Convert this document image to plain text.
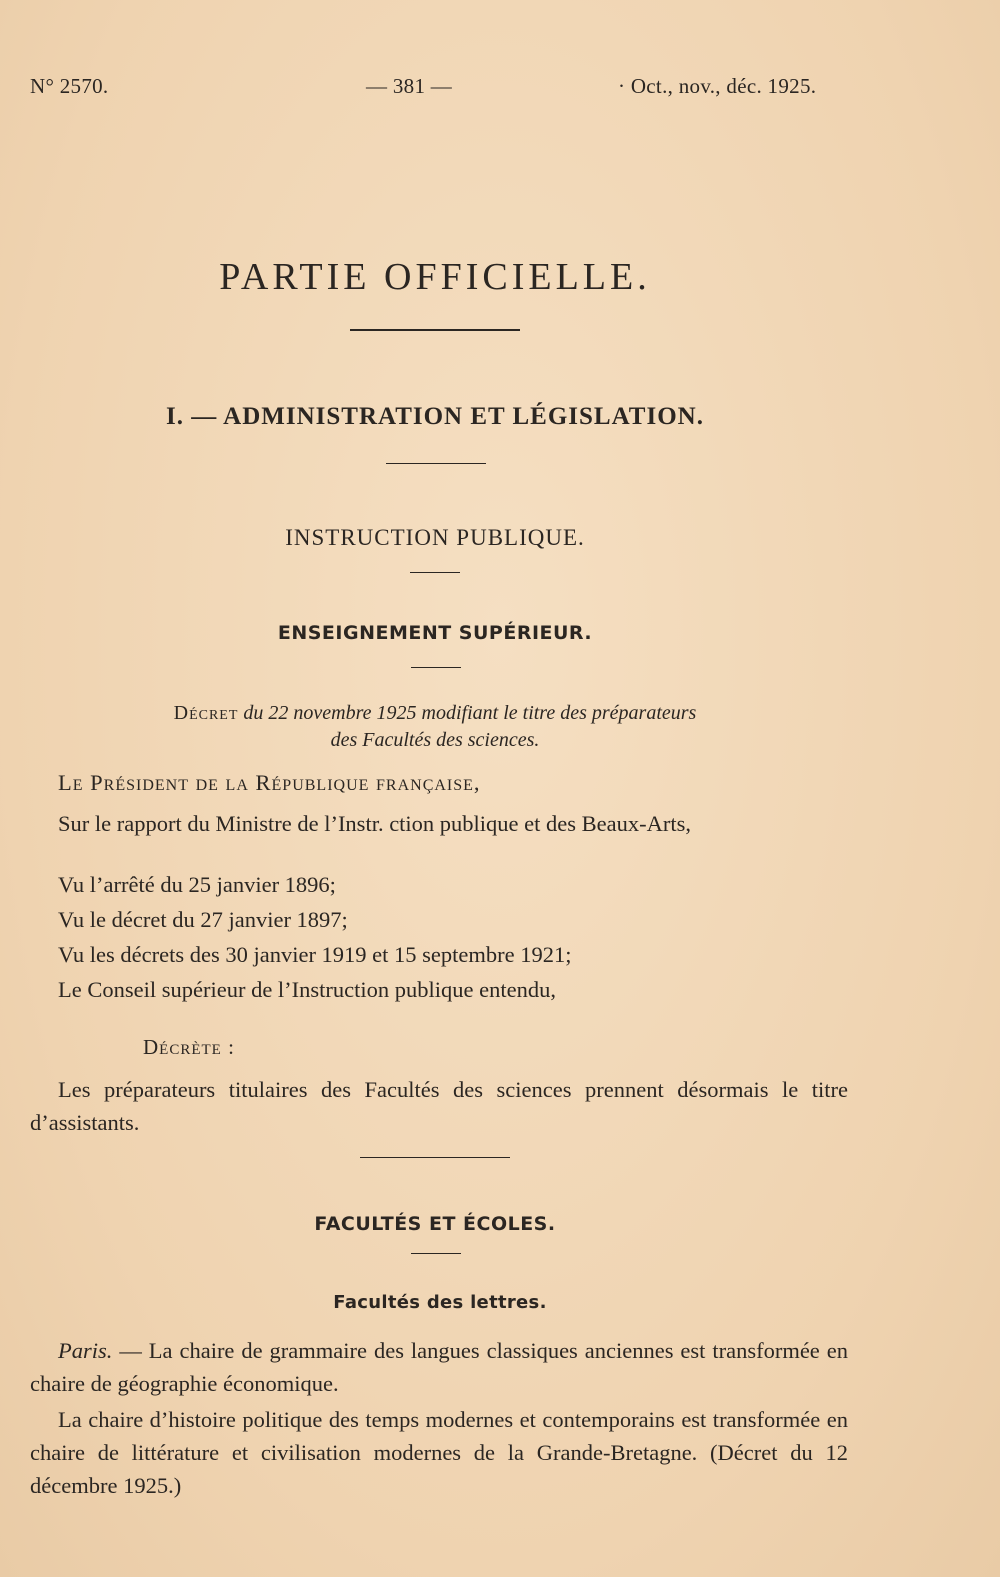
N° 2570.	— 381 —	· Oct., nov., déc. 1925.
PARTIE OFFICIELLE.
I. — ADMINISTRATION ET LÉGISLATION.
INSTRUCTION PUBLIQUE.
ENSEIGNEMENT SUPÉRIEUR.
Décret du 22 novembre 1925 modifiant le titre des préparateurs
des Facultés des sciences.
Le Président de la République française,
Sur le rapport du Ministre de l’Instr. ction publique et des Beaux-Arts,
Vu l’arrêté du 25 janvier 1896;
Vu le décret du 27 janvier 1897;
Vu les décrets des 30 janvier 1919 et 15 septembre 1921;
Le Conseil supérieur de l’Instruction publique entendu,
Décrète :
Les préparateurs titulaires des Facultés des sciences prennent désormais le titre d’assistants.
FACULTÉS ET ÉCOLES.
Facultés des lettres.
Paris. — La chaire de grammaire des langues classiques anciennes est transformée en chaire de géographie économique.
La chaire d’histoire politique des temps modernes et contemporains est transformée en chaire de littérature et civilisation modernes de la Grande-Bretagne. (Décret du 12 décembre 1925.)
